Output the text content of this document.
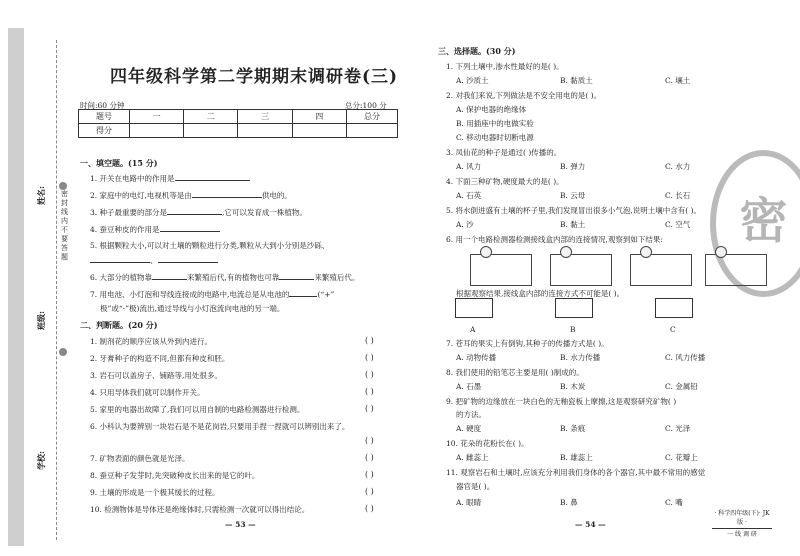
密封线内不要答题
姓名:
班级:
学校:
四年级科学第二学期期末调研卷(三)
时间:60 分钟	总分:100 分
题号	一	二	三	四	总分
得分					
一、填空题。(15 分)
1. 开关在电路中的作用是
2. 家庭中的电灯,电视机等是由	供电的。
3. 种子最重要的部分是	,它可以发育成一株植物。
4. 蚕豆种皮的作用是
5. 根据颗粒大小,可以对土壤的颗粒进行分类,颗粒从大到小分别是沙砾、
、
6. 大部分的植物靠	来繁殖后代,有的植物也可靠	来繁殖后代。
7. 用电池、小灯泡和导线连接成的电路中,电流总是从电池的	(“+”
极”或“-”极)流出,通过导线与小灯泡流向电池的另一端。
二、判断题。(20 分)
1. 制剂花的顺序应该从外到内进行。	( )
2. 牙膏种子的构造不同,但都有种皮和胚。	( )
3. 岩石可以盖房子、铺路等,用处很多。	( )
4. 只用导体我们就可以制作开关。	( )
5. 家里的电器出故障了,我们可以用自制的电路检测器进行检测。	( )
6. 小科认为要辨别一块岩石是不是花岗岩,只要用手捏一捏就可以辨别出来了。
( )
7. 矿物表面的颜色就是光泽。	( )
8. 蚕豆种子发芽时,先突破种皮长出来的是它的叶。	( )
9. 土壤的形成是一个极其缓长的过程。	( )
10. 检测物体是导体还是绝缘体时,只需检测一次就可以得出结论。	( )
— 53 —
密
三、选择题。(30 分)
1. 下列土壤中,渗水性最好的是( )。
A. 沙质土	B. 黏质土	C. 壤土
2. 对我们来说,下列做法是不安全用电的是( )。
A. 保护电器的绝缘体
B. 用插座中的电做实验
C. 移动电器时切断电源
3. 凤仙花的种子是通过( )传播的。
A. 风力	B. 弹力	C. 水力
4. 下面三种矿物,硬度最大的是( )。
A. 石英	B. 云母	C. 长石
5. 将水倒进盛有土壤的杯子里,我们发现冒出很多小气泡,说明土壤中含有( )。
A. 沙	B. 黏土	C. 空气
6. 用一个电路检测器检测接线盒内部的连接情况,观察到如下结果:
根据观察结果,接线盒内部的连接方式不可能是( )。
A	B	C
7. 苍耳的果实上有倒钩,其种子的传播方式是( )。
A. 动物传播	B. 水力传播	C. 风力传播
8. 我们使用的铅笔芯主要是用( )制成的。
A. 石墨	B. 木炭	C. 金属铅
9. 把矿物的边缘放在一块白色的无釉瓷板上摩擦,这是观察研究矿物( )
的方法。
A. 硬度	B. 条痕	C. 光泽
10. 花朵的花粉长在( )。
A. 雌蕊上	B. 雄蕊上	C. 花瓣上
11. 观察岩石和土壤时,应该充分利用我们身体的各个器官,其中最不常用的感觉
器官是( )。
A. 眼睛	B. 鼻	C. 嘴
— 54 —
· 科学四年级(下)· JK 版 ·
一 线 调 研
